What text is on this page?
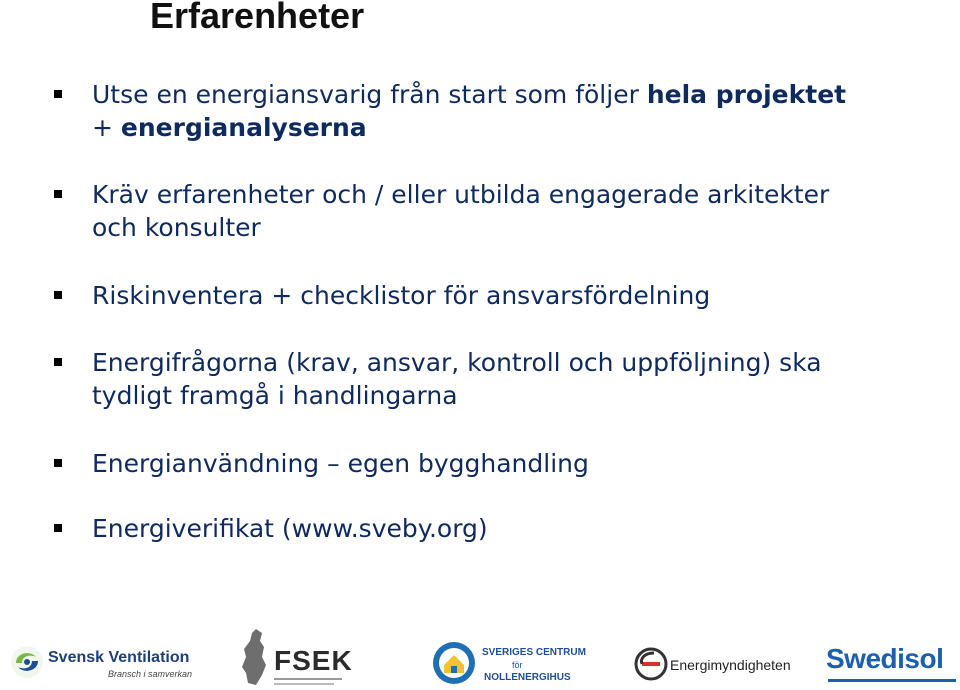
Erfarenheter
Utse en energiansvarig från start som följer hela projektet
+ energianalyserna
Kräv erfarenheter och / eller utbilda engagerade arkitekter
och konsulter
Riskinventera + checklistor för ansvarsfördelning
Energifrågorna (krav, ansvar, kontroll och uppföljning) ska
tydligt framgå i handlingarna
Energianvändning – egen bygghandling
Energiverifikat (www.sveby.org)
Svensk Ventilation
Bransch i samverkan	FSEK	SVERIGES CENTRUM
för
NOLLENERGIHUS
Energimyndigheten Swedisol
